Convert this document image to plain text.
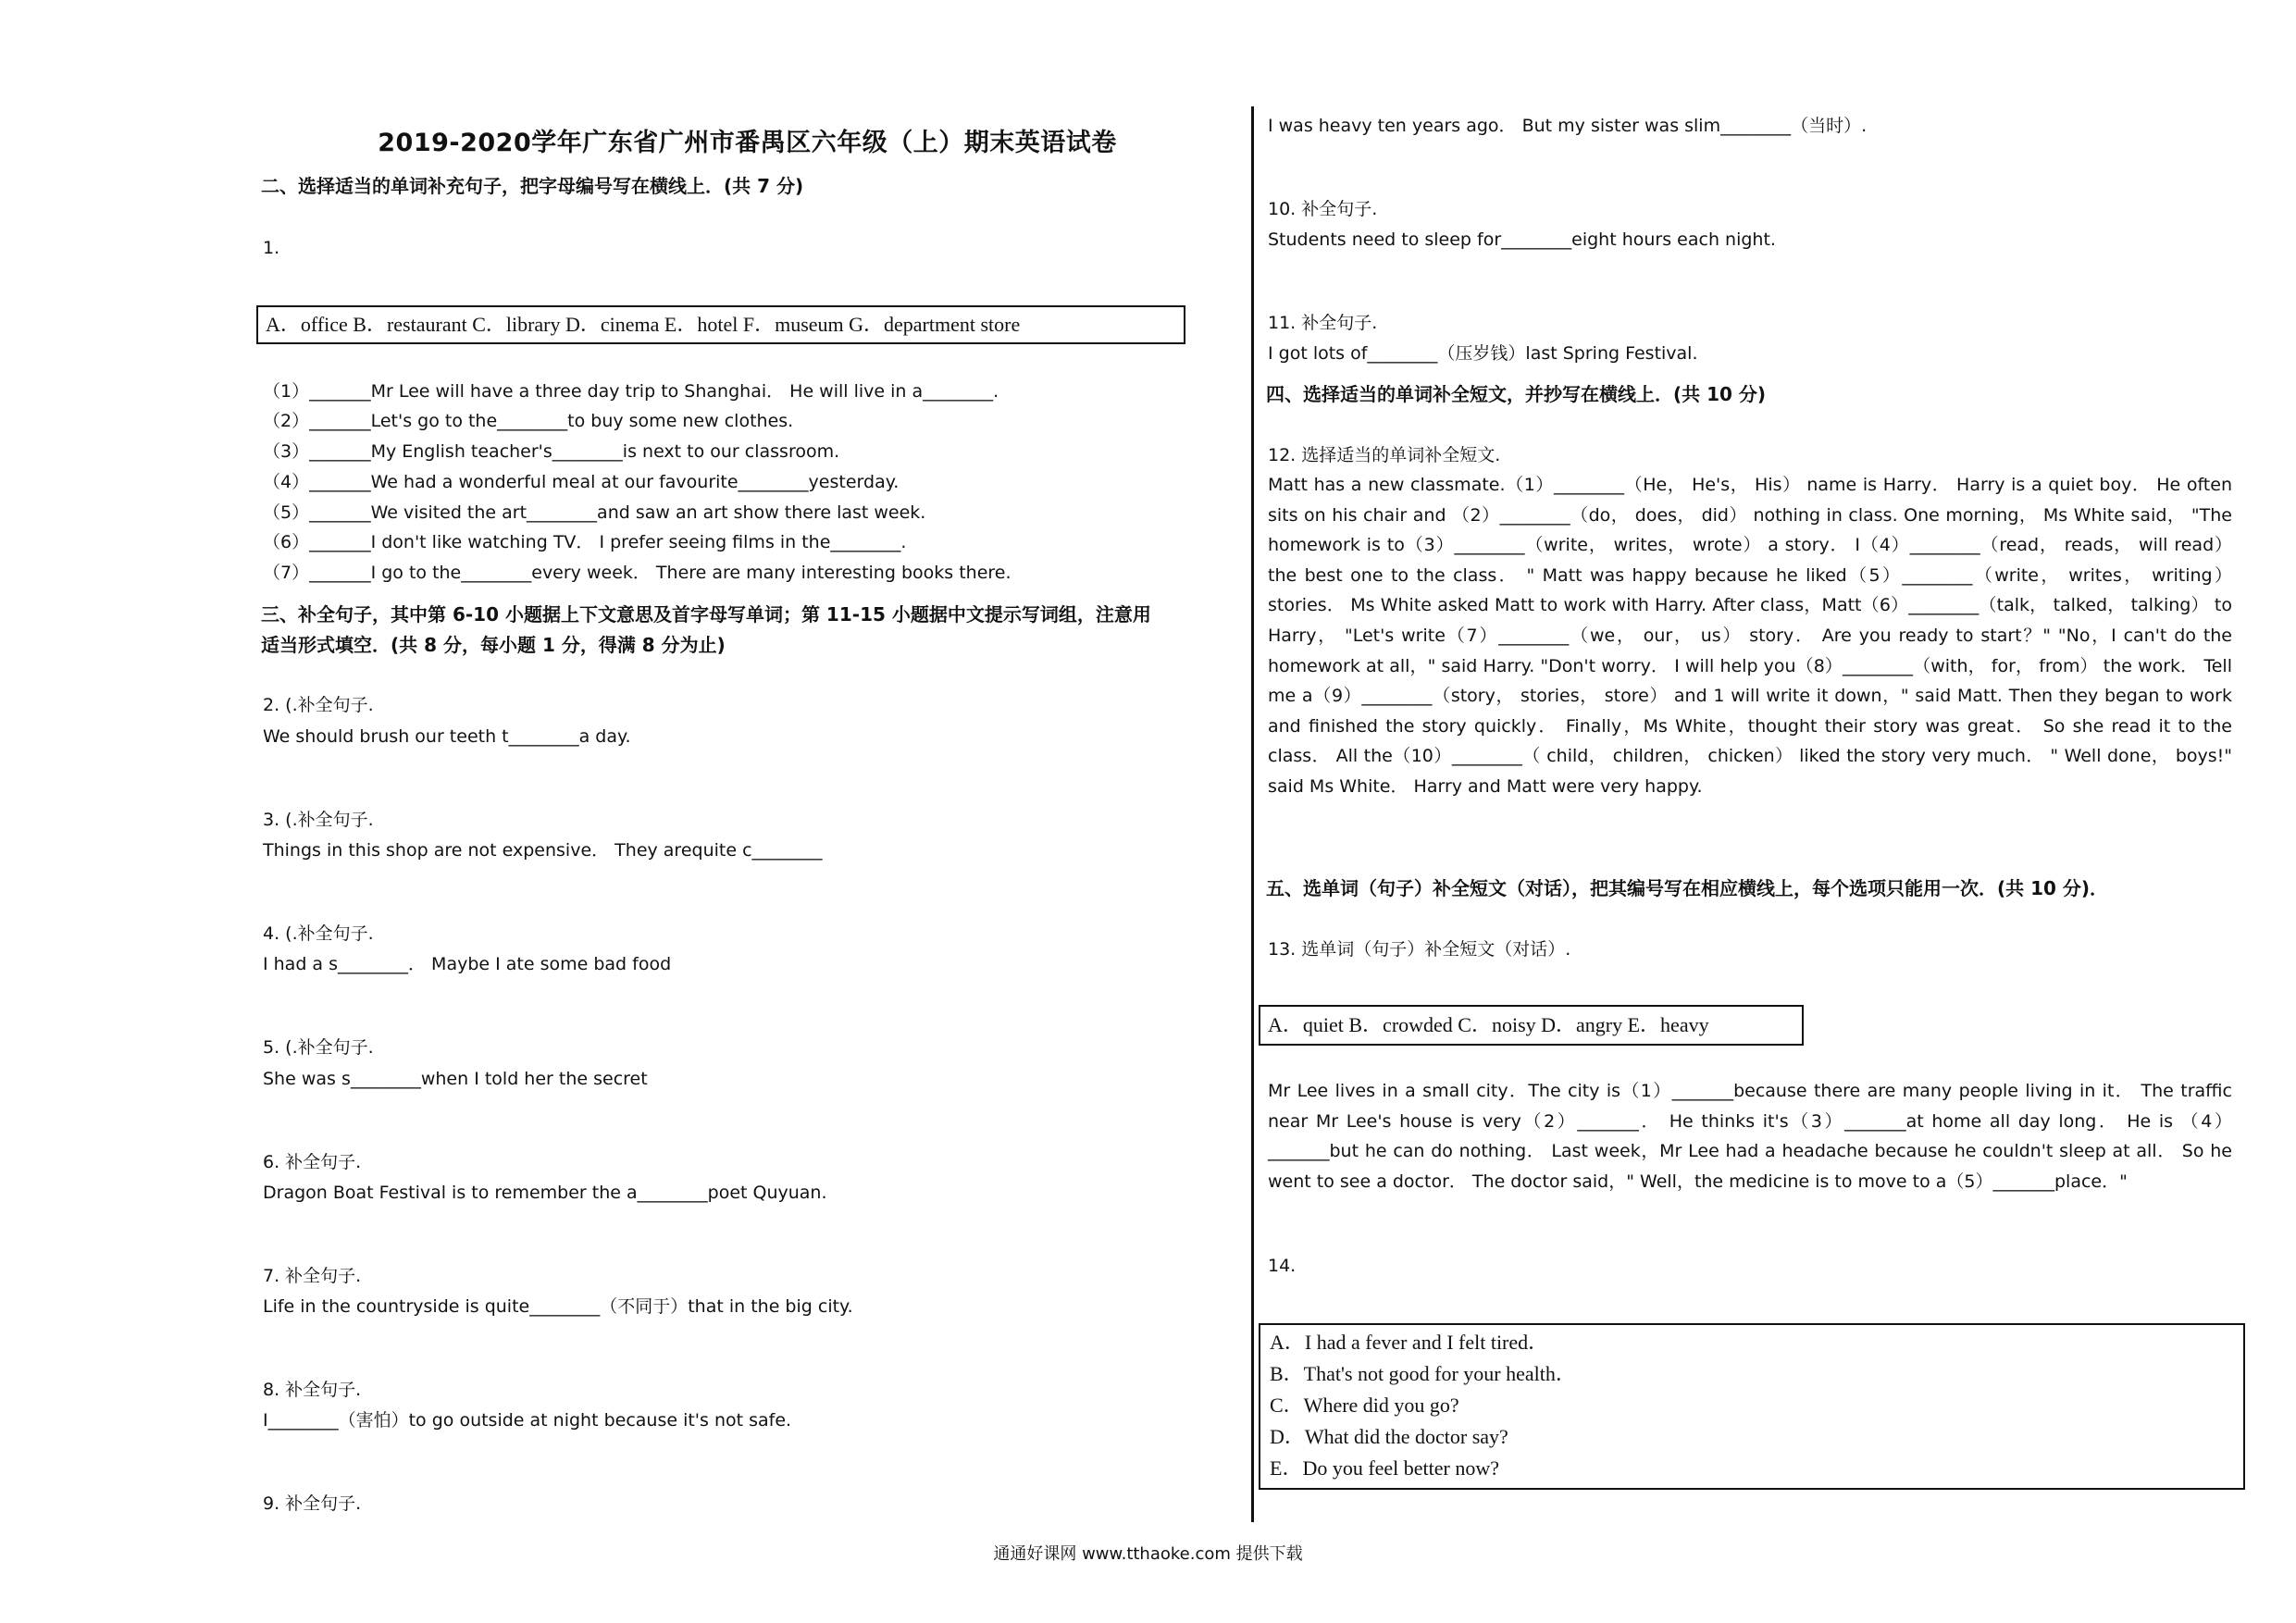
2019-2020学年广东省广州市番禺区六年级（上）期末英语试卷
二、选择适当的单词补充句子，把字母编号写在横线上．(共 7 分)
1.
A．office B．restaurant C．library D．cinema E．hotel F．museum G．department store
（1）_______Mr Lee will have a three day trip to Shanghai． He will live in a________.
（2）_______Let's go to the________to buy some new clothes.
（3）_______My English teacher's________is next to our classroom.
（4）_______We had a wonderful meal at our favourite________yesterday.
（5）_______We visited the art________and saw an art show there last week.
（6）_______I don't like watching TV． I prefer seeing films in the________.
（7）_______I go to the________every week． There are many interesting books there.
三、补全句子，其中第 6-10 小题据上下文意思及首字母写单词；第 11-15 小题据中文提示写词组，注意用
适当形式填空．(共 8 分，每小题 1 分，得满 8 分为止)
2. (.补全句子.
We should brush our teeth t________a day.
3. (.补全句子.
Things in this shop are not expensive． They arequite c________
4. (.补全句子.
I had a s________． Maybe I ate some bad food
5. (.补全句子.
She was s________when I told her the secret
6. 补全句子.
Dragon Boat Festival is to remember the a________poet Quyuan.
7. 补全句子.
Life in the countryside is quite________（不同于）that in the big city.
8. 补全句子.
I________（害怕）to go outside at night because it's not safe.
9. 补全句子.
I was heavy ten years ago． But my sister was slim________（当时）.
10. 补全句子.
Students need to sleep for________eight hours each night.
11. 补全句子.
I got lots of________（压岁钱）last Spring Festival.
四、选择适当的单词补全短文，并抄写在横线上．(共 10 分)
12. 选择适当的单词补全短文.
Matt has a new classmate.（1）________（He， He's， His） name is Harry． Harry is a quiet boy． He often sits on his chair and （2）________（do， does， did） nothing in class. One morning， Ms White said， "The homework is to（3）________（write， writes， wrote） a story． I（4）________（read， reads， will read） the best one to the class． " Matt was happy because he liked（5）________（write， writes， writing） stories． Ms White asked Matt to work with Harry. After class，Matt（6）________（talk， talked， talking） to Harry， "Let's write（7）________（we， our， us） story． Are you ready to start？" "No，I can't do the homework at all，" said Harry. "Don't worry． I will help you（8）________（with， for， from） the work． Tell me a（9）________（story， stories， store） and 1 will write it down，" said Matt. Then they began to work and finished the story quickly． Finally，Ms White，thought their story was great． So she read it to the class． All the（10）________（ child， children， chicken） liked the story very much． " Well done， boys!" said Ms White． Harry and Matt were very happy.
五、选单词（句子）补全短文（对话），把其编号写在相应横线上，每个选项只能用一次．(共 10 分)．
13. 选单词（句子）补全短文（对话）.
A．quiet B．crowded C．noisy D．angry E．heavy
Mr Lee lives in a small city．The city is（1）_______because there are many people living in it． The traffic near Mr Lee's house is very（2）_______． He thinks it's（3）_______at home all day long． He is （4）_______but he can do nothing． Last week，Mr Lee had a headache because he couldn't sleep at all． So he went to see a doctor． The doctor said，" Well，the medicine is to move to a（5）_______place．"
14.
A．I had a fever and I felt tired．
B．That's not good for your health．
C．Where did you go?
D．What did the doctor say?
E．Do you feel better now?
通通好课网 www.tthaoke.com 提供下载
